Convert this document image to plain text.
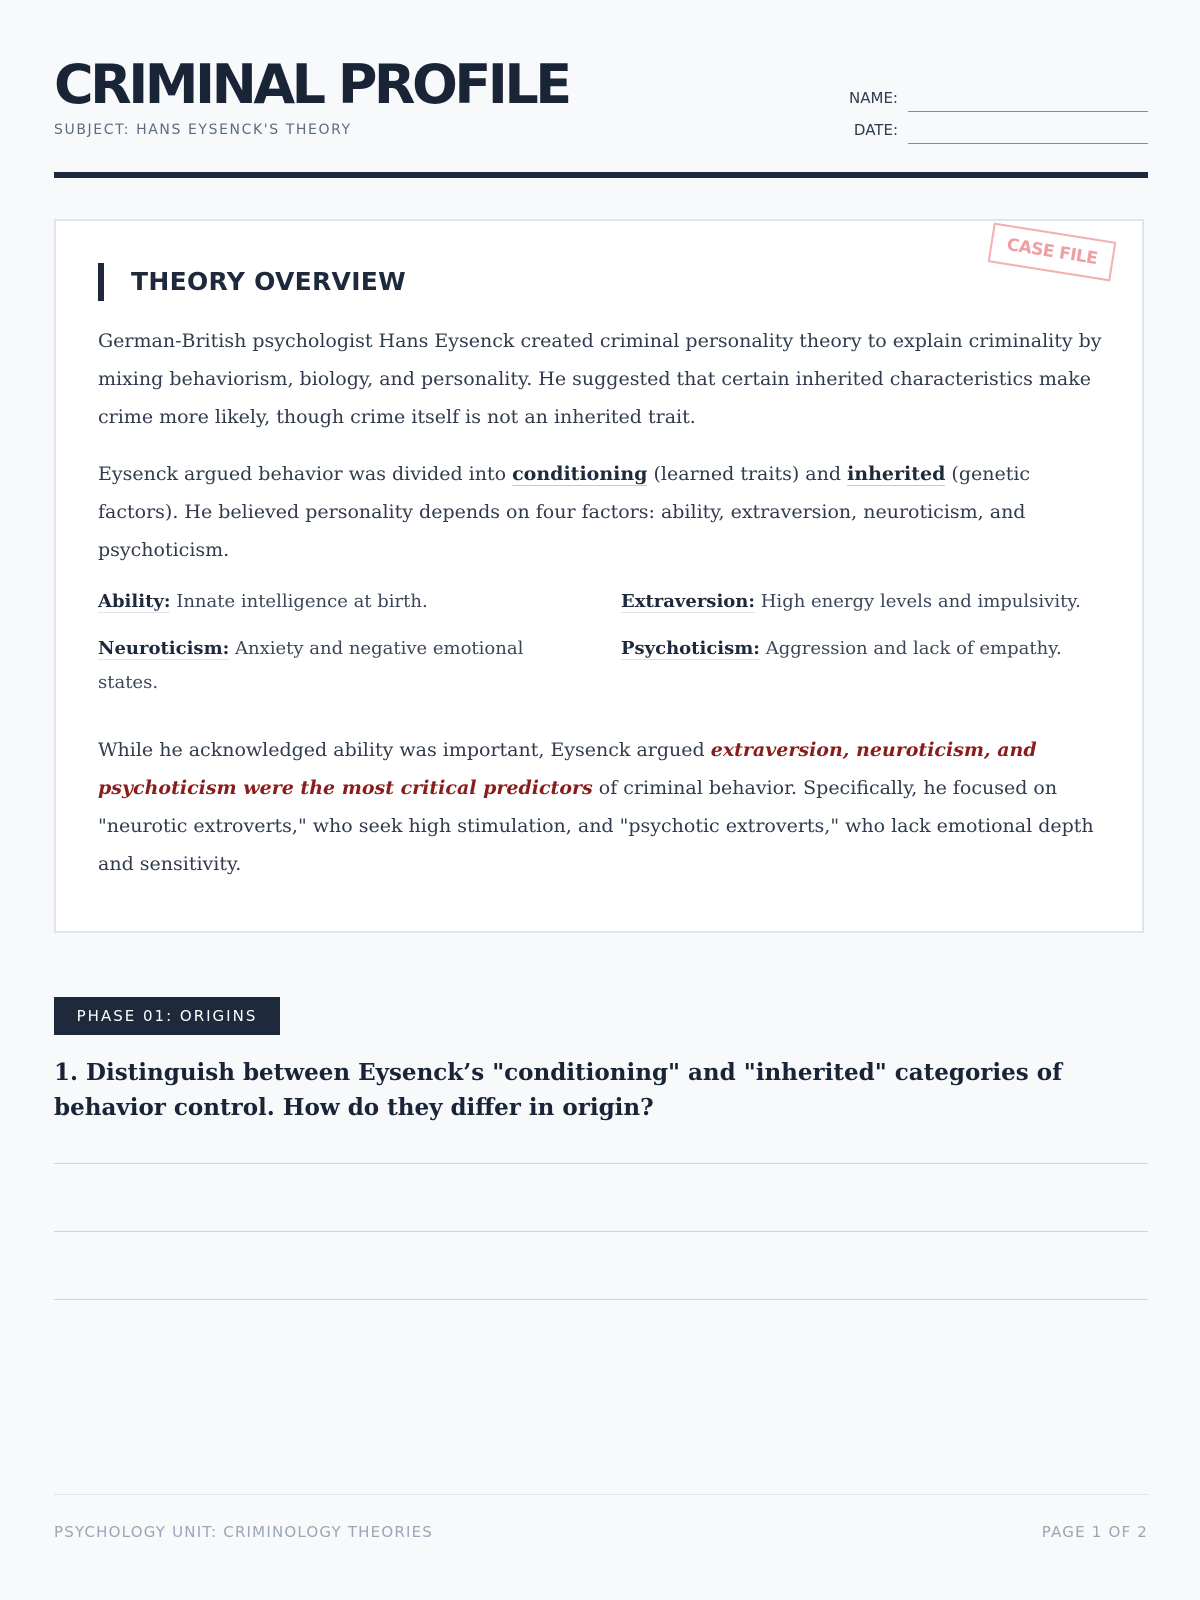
CRIMINAL PROFILE
SUBJECT: HANS EYSENCK'S THEORY
NAME:
DATE:
CASE FILE
THEORY OVERVIEW

German-British psychologist Hans Eysenck created criminal personality theory to explain criminality by mixing behaviorism, biology, and personality. He suggested that certain inherited characteristics make crime more likely, though crime itself is not an inherited trait.

Eysenck argued behavior was divided into conditioning (learned traits) and inherited (genetic factors). He believed personality depends on four factors: ability, extraversion, neuroticism, and psychoticism.

Ability: Innate intelligence at birth.	Extraversion: High energy levels and impulsivity.
Neuroticism: Anxiety and negative emotional states.
Psychoticism: Aggression and lack of empathy.

While he acknowledged ability was important, Eysenck argued extraversion, neuroticism, and psychoticism were the most critical predictors of criminal behavior. Specifically, he focused on "neurotic extroverts," who seek high stimulation, and "psychotic extroverts," who lack emotional depth and sensitivity.

PHASE 01: ORIGINS
1. Distinguish between Eysenck’s "conditioning" and "inherited" categories of behavior control. How do they differ in origin?
PSYCHOLOGY UNIT: CRIMINOLOGY THEORIES	PAGE 1 OF 2
